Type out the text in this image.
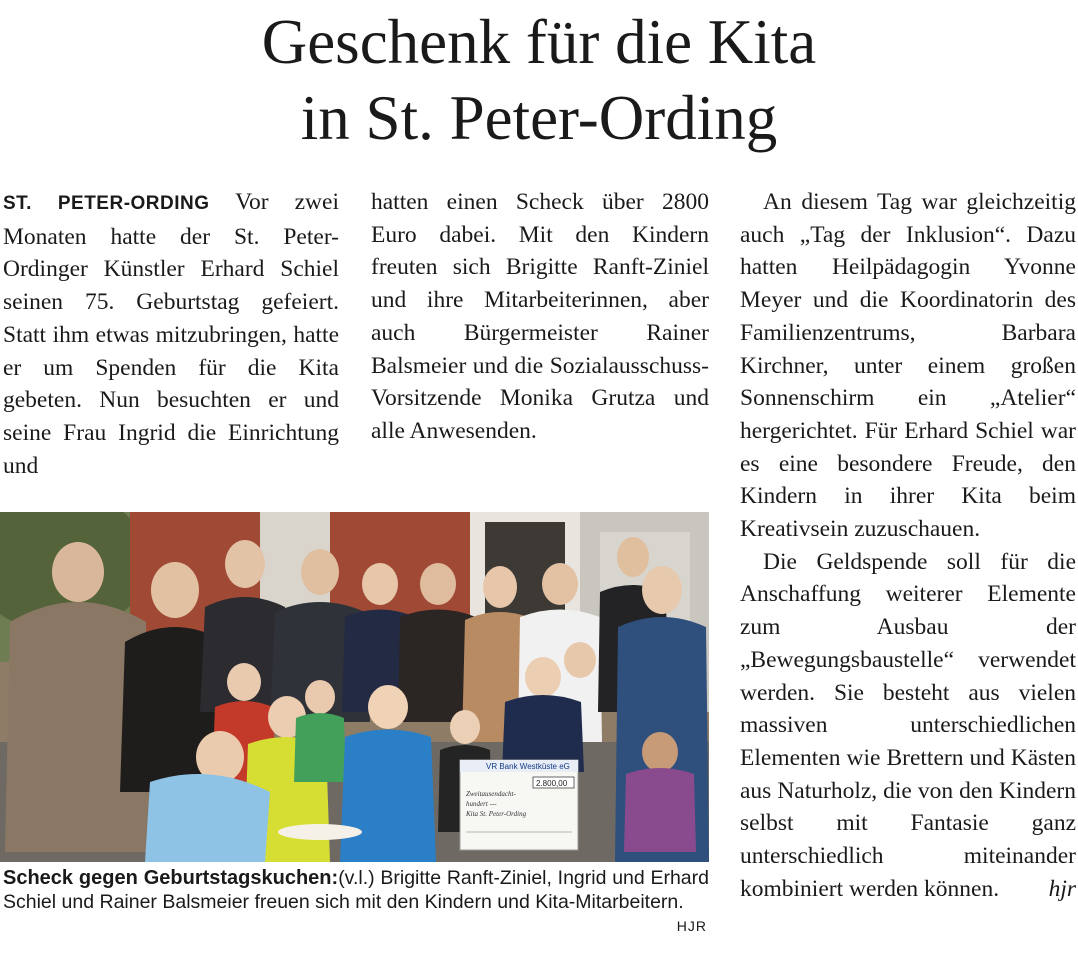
Geschenk für die Kita
in St. Peter-Ording

ST. PETER-ORDING Vor zwei Monaten hatte der St. Peter-Ordinger Künstler Erhard Schiel seinen 75. Geburtstag gefeiert. Statt ihm etwas mitzubringen, hatte er um Spenden für die Kita gebeten. Nun besuchten er und seine Frau Ingrid die Einrichtung und

hatten einen Scheck über 2800 Euro dabei. Mit den Kindern freuten sich Brigitte Ranft-Ziniel und ihre Mitarbeiterinnen, aber auch Bürgermeister Rainer Balsmeier und die Sozialausschuss-Vorsitzende Monika Grutza und alle Anwesenden.

An diesem Tag war gleichzeitig auch „Tag der Inklusion“. Dazu hatten Heilpädagogin Yvonne Meyer und die Koordinatorin des Familienzentrums, Barbara Kirchner, unter einem großen Sonnenschirm ein „Atelier“ hergerichtet. Für Erhard Schiel war es eine besondere Freude, den Kindern in ihrer Kita beim Kreativsein zuzuschauen.

Die Geldspende soll für die Anschaffung weiterer Elemente zum Ausbau der „Bewegungsbaustelle“ verwendet werden. Sie besteht aus vielen massiven unterschiedlichen Elementen wie Brettern und Kästen aus Naturholz, die von den Kindern selbst mit Fantasie ganz unterschiedlich miteinander kombiniert werden können.	hjr

VR Bank Westküste eG
2.800,00
Zweitausendacht-
hundert ---
Kita St. Peter-Ording
Scheck gegen Geburtstagskuchen:(v.l.) Brigitte Ranft-Ziniel, Ingrid und Erhard Schiel und Rainer Balsmeier freuen sich mit den Kindern und Kita-Mitarbeitern.
HJR
